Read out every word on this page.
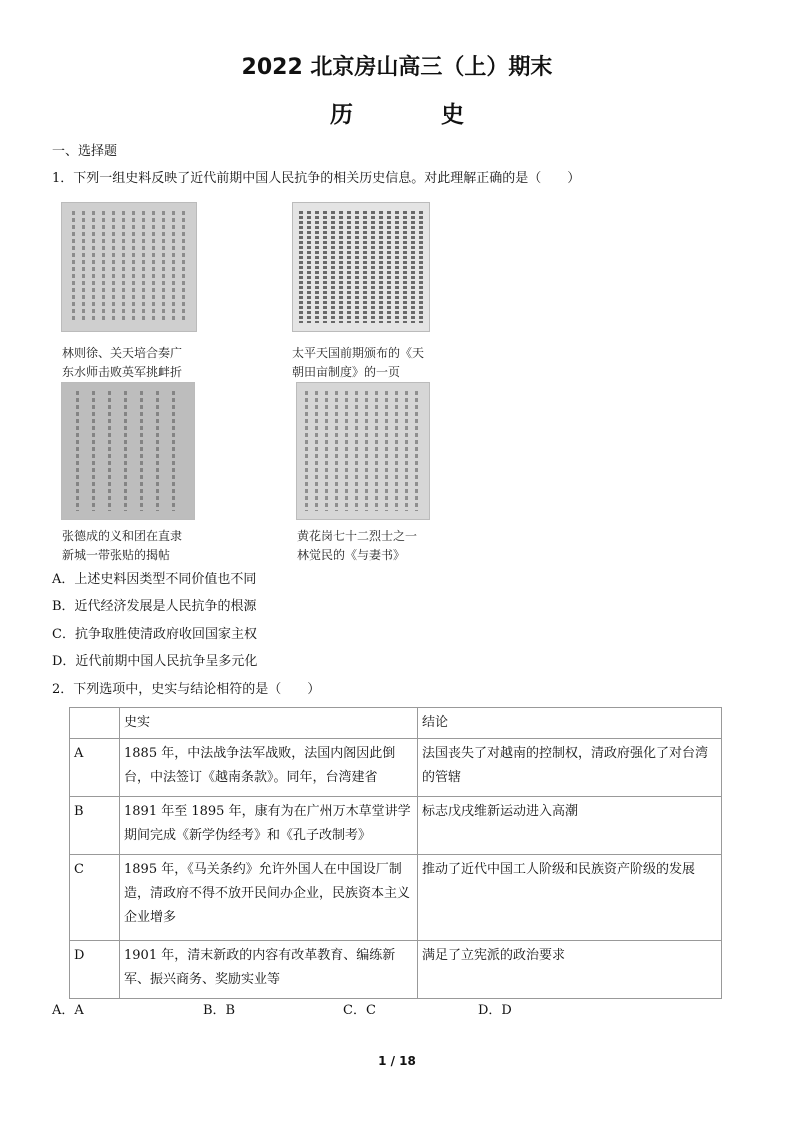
2022 北京房山高三（上）期末
历 史
一、选择题
1．下列一组史料反映了近代前期中国人民抗争的相关历史信息。对此理解正确的是（　　）
林则徐、关天培合奏广
东水师击败英军挑衅折
太平天国前期颁布的《天
朝田亩制度》的一页
张德成的义和团在直隶
新城一带张贴的揭帖
黄花岗七十二烈士之一
林觉民的《与妻书》
A．上述史料因类型不同价值也不同
B．近代经济发展是人民抗争的根源
C．抗争取胜使清政府收回国家主权
D．近代前期中国人民抗争呈多元化
2．下列选项中，史实与结论相符的是（　　）
	史实	结论
A	1885 年，中法战争法军战败，法国内阁因此倒台，中法签订《越南条款》。同年，台湾建省	法国丧失了对越南的控制权，清政府强化了对台湾的管辖
B	1891 年至 1895 年，康有为在广州万木草堂讲学期间完成《新学伪经考》和《孔子改制考》	标志戊戌维新运动进入高潮
C	1895 年，《马关条约》允许外国人在中国设厂制造，清政府不得不放开民间办企业，民族资本主义企业增多	推动了近代中国工人阶级和民族资产阶级的发展
D	1901 年，清末新政的内容有改革教育、编练新军、振兴商务、奖励实业等	满足了立宪派的政治要求
A．A	B．B	C．C	D．D
1 / 18
